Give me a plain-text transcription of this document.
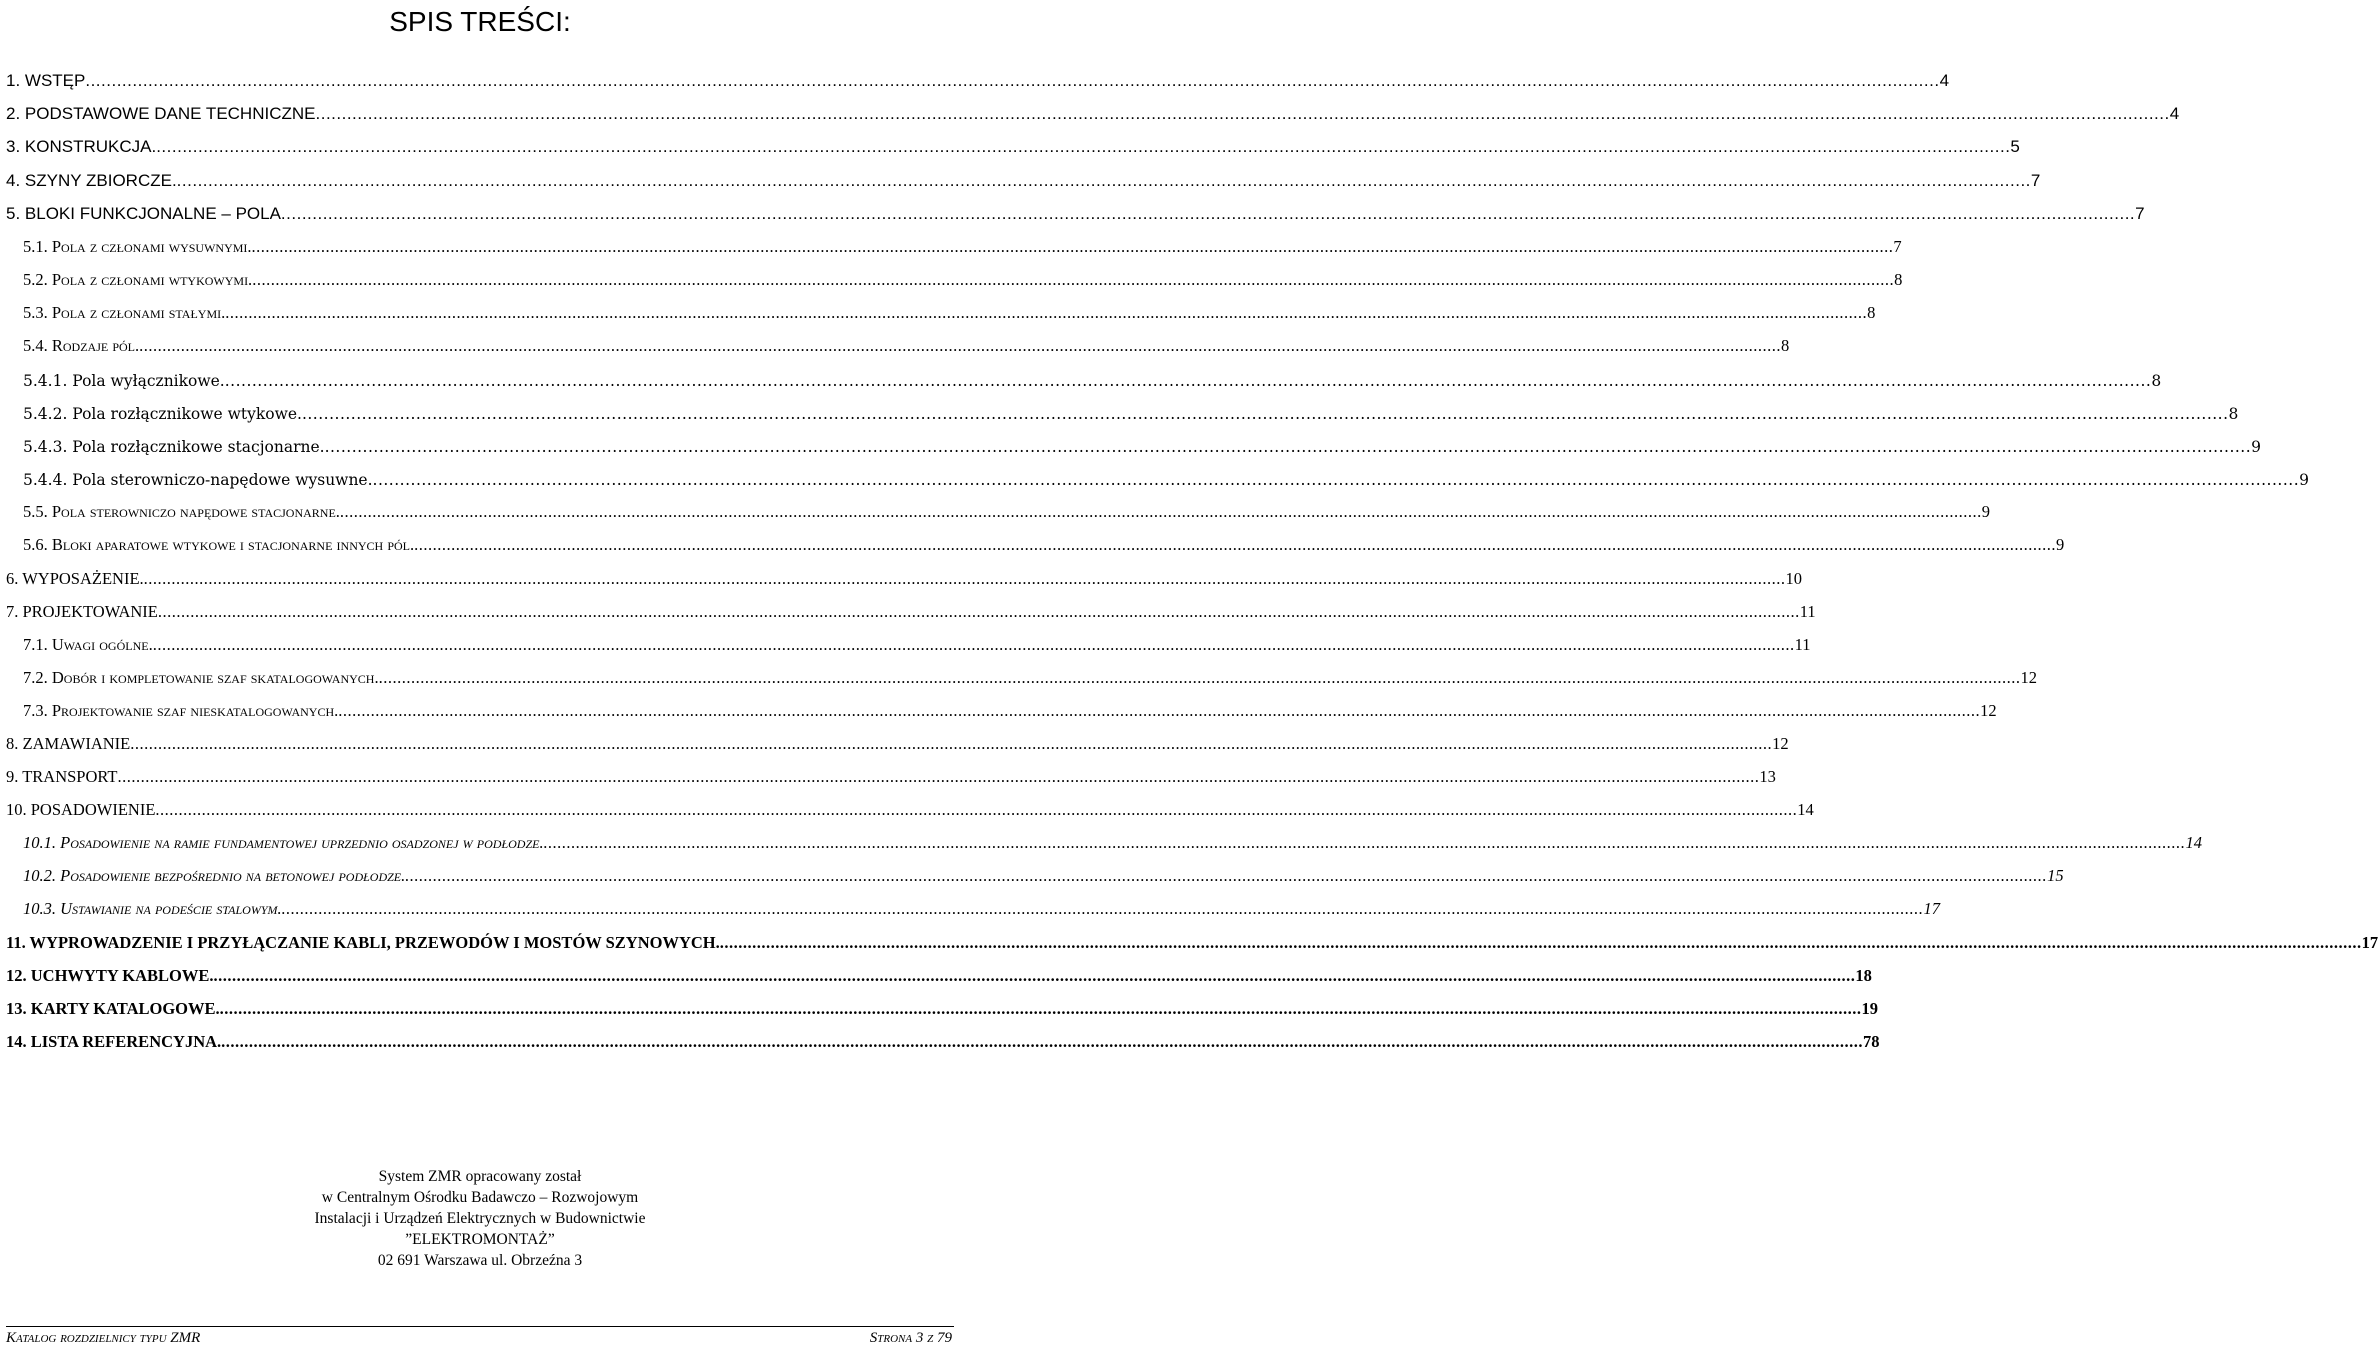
SPIS TREŚCI:
1. WSTĘP .....	4
2. PODSTAWOWE DANE TECHNICZNE .....	4
3. KONSTRUKCJA. .....	5
4. SZYNY ZBIORCZE. .....	7
5. BLOKI FUNKCJONALNE – POLA .....	7
5.1. Pola z członami wysuwnymi. .....	7
5.2. Pola z członami wtykowymi. .....	8
5.3. Pola z członami stałymi. .....	8
5.4. Rodzaje pól. .....	8
5.4.1. Pola wyłącznikowe. .....	8
5.4.2. Pola rozłącznikowe wtykowe. .....	8
5.4.3. Pola rozłącznikowe stacjonarne. .....	9
5.4.4. Pola sterowniczo-napędowe wysuwne. .....	9
5.5. Pola sterowniczo napędowe stacjonarne. .....	9
5.6. Bloki aparatowe wtykowe i stacjonarne innych pól. .....	9
6. WYPOSAŻENIE. .....	10
7. PROJEKTOWANIE .....	11
7.1. Uwagi ogólne. .....	11
7.2. Dobór i kompletowanie szaf skatalogowanych. .....	12
7.3. Projektowanie szaf nieskatalogowanych. .....	12
8. ZAMAWIANIE .....	12
9. TRANSPORT .....	13
10. POSADOWIENIE .....	14
10.1. Posadowienie na ramie fundamentowej uprzednio osadzonej w podłodze. .....	14
10.2. Posadowienie bezpośrednio na betonowej podłodze. .....	15
10.3. Ustawianie na podeście stalowym. .....	17
11. WYPROWADZENIE I PRZYŁĄCZANIE KABLI, PRZEWODÓW I MOSTÓW SZYNOWYCH. .....	17
12. UCHWYTY KABLOWE. .....	18
13. KARTY KATALOGOWE. .....	19
14. LISTA REFERENCYJNA. .....	78
System ZMR opracowany został
w Centralnym Ośrodku Badawczo – Rozwojowym
Instalacji i Urządzeń Elektrycznych w Budownictwie
”ELEKTROMONTAŻ”
02 691 Warszawa ul. Obrzeźna 3
Katalog rozdzielnicy typu ZMR	Strona 3 z 79
